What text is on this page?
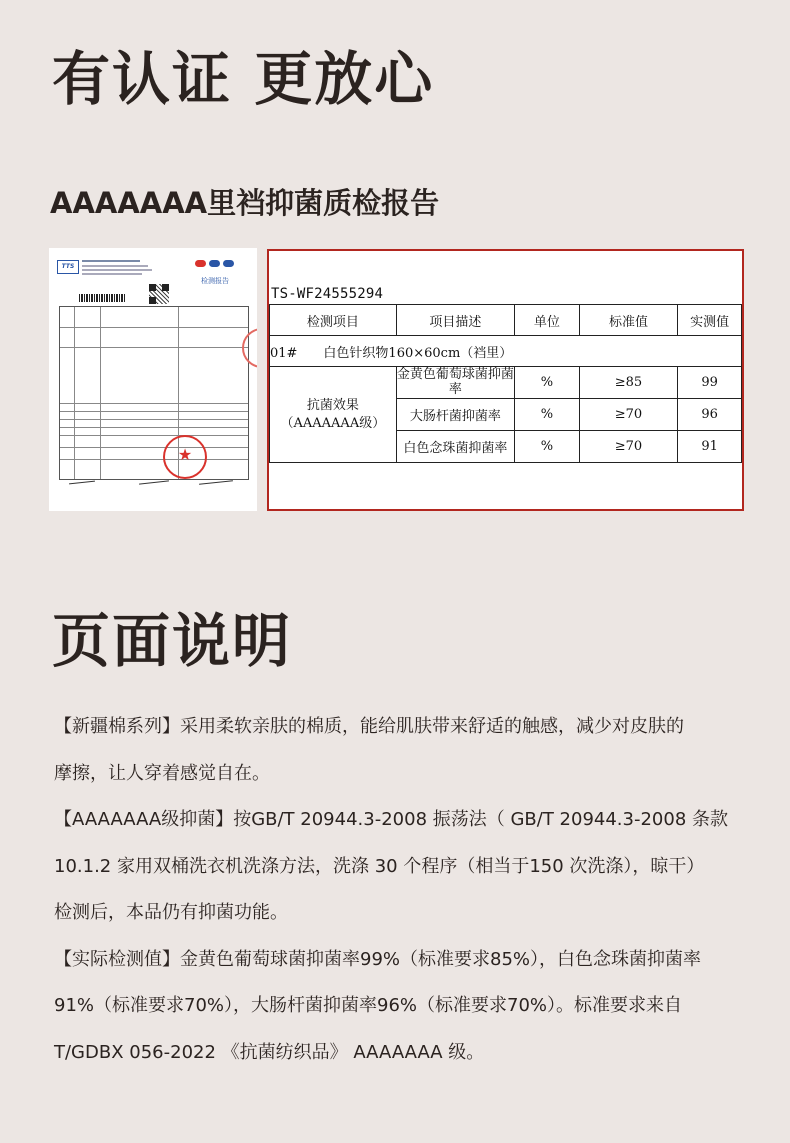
有认证 更放心
AAAAAAA里裆抑菌质检报告
TTS
检测报告
★
TS-WF24555294
检测项目	项目描述	单位	标准值	实测值
01#　　白色针织物160×60cm（裆里）				
抗菌效果
（AAAAAAA级）	金黄色葡萄球菌抑菌率	%	≥85	99
	大肠杆菌抑菌率	%	≥70	96
	白色念珠菌抑菌率	%	≥70	91
页面说明

【新疆棉系列】采用柔软亲肤的棉质，能给肌肤带来舒适的触感，减少对皮肤的

摩擦，让人穿着感觉自在。

【AAAAAAA级抑菌】按GB/T 20944.3-2008 振荡法（ GB/T 20944.3-2008 条款

10.1.2 家用双桶洗衣机洗涤方法，洗涤 30 个程序（相当于150 次洗涤），晾干）

检测后，本品仍有抑菌功能。

【实际检测值】金黄色葡萄球菌抑菌率99%（标准要求85%），白色念珠菌抑菌率

91%（标准要求70%），大肠杆菌抑菌率96%（标准要求70%）。标准要求来自

T/GDBX 056-2022 《抗菌纺织品》 AAAAAAA 级。
